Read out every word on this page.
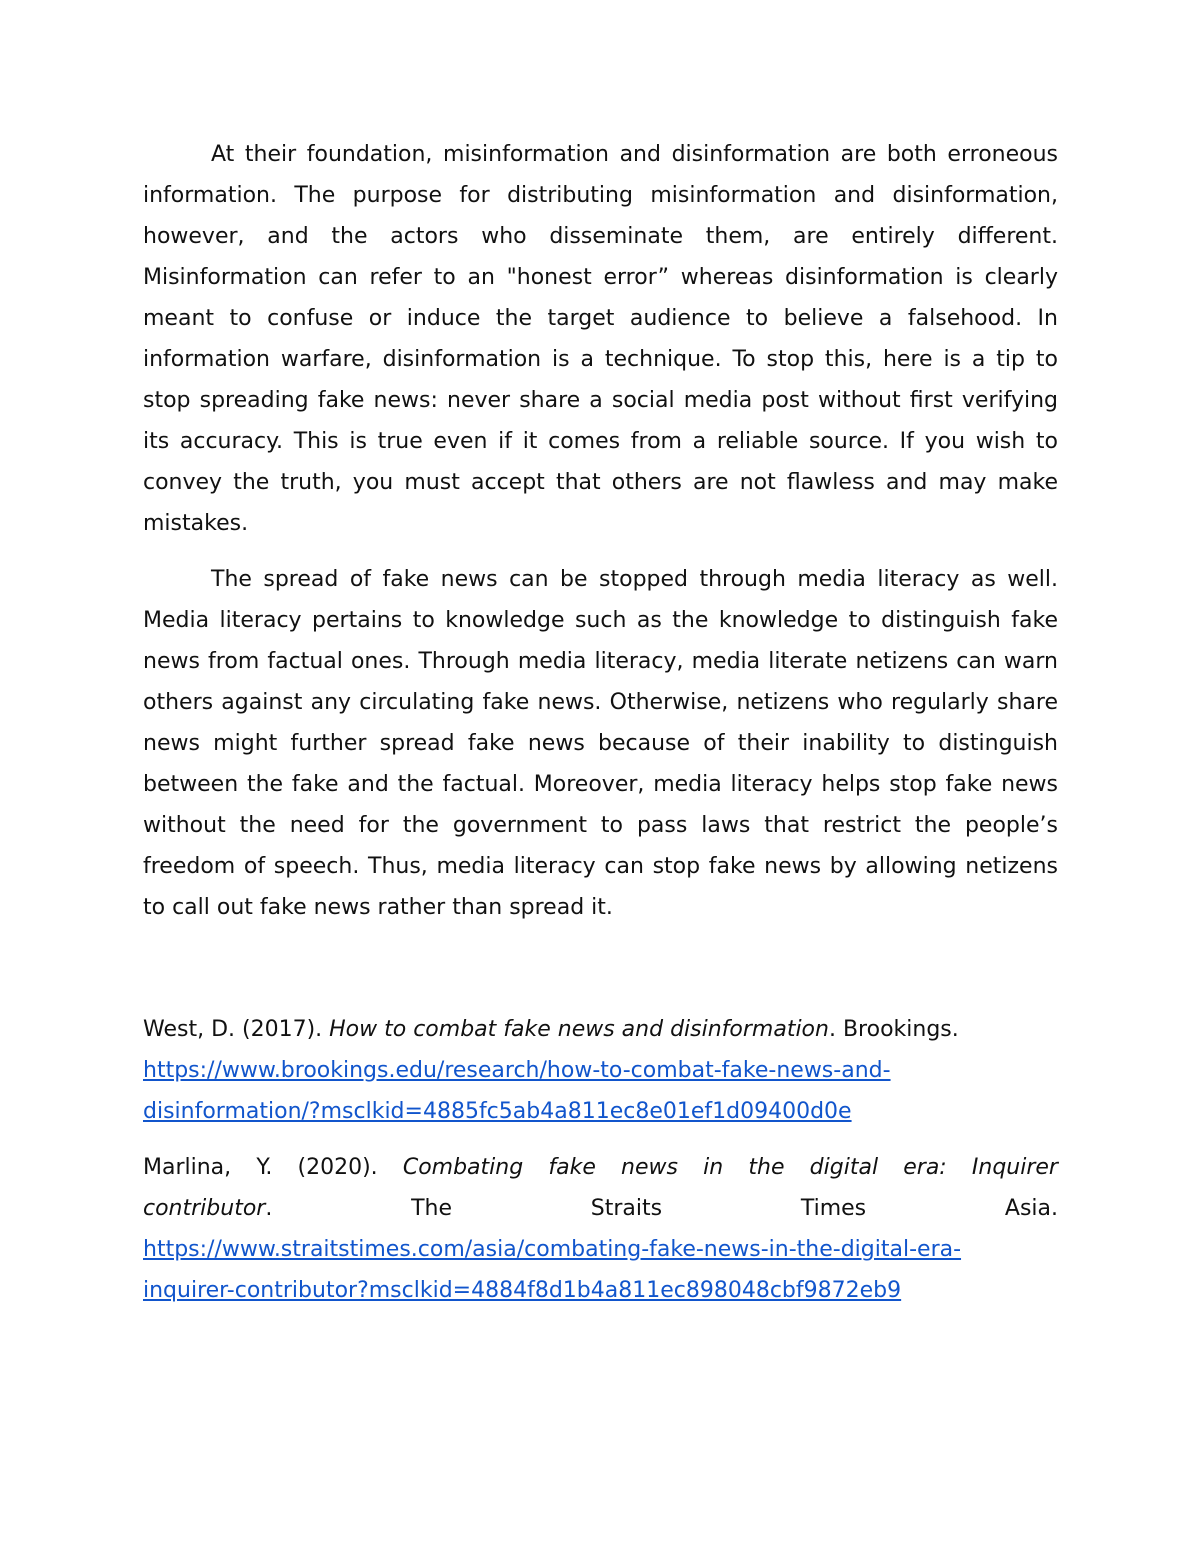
At their foundation, misinformation and disinformation are both erroneous information. The purpose for distributing misinformation and disinformation, however, and the actors who disseminate them, are entirely different. Misinformation can refer to an "honest error” whereas disinformation is clearly meant to confuse or induce the target audience to believe a falsehood. In information warfare, disinformation is a technique. To stop this, here is a tip to stop spreading fake news: never share a social media post without first verifying its accuracy. This is true even if it comes from a reliable source. If you wish to convey the truth, you must accept that others are not flawless and may make mistakes.

The spread of fake news can be stopped through media literacy as well. Media literacy pertains to knowledge such as the knowledge to distinguish fake news from factual ones. Through media literacy, media literate netizens can warn others against any circulating fake news. Otherwise, netizens who regularly share news might further spread fake news because of their inability to distinguish between the fake and the factual. Moreover, media literacy helps stop fake news without the need for the government to pass laws that restrict the people’s freedom of speech. Thus, media literacy can stop fake news by allowing netizens to call out fake news rather than spread it.

West, D. (2017). How to combat fake news and disinformation. Brookings.
https://www.brookings.edu/research/how-to-combat-fake-news-and-
disinformation/?msclkid=4885fc5ab4a811ec8e01ef1d09400d0e
Marlina, Y. (2020). Combating fake news in the digital era: Inquirer
contributor. The Straits Times Asia.
https://www.straitstimes.com/asia/combating-fake-news-in-the-digital-era-
inquirer-contributor?msclkid=4884f8d1b4a811ec898048cbf9872eb9
